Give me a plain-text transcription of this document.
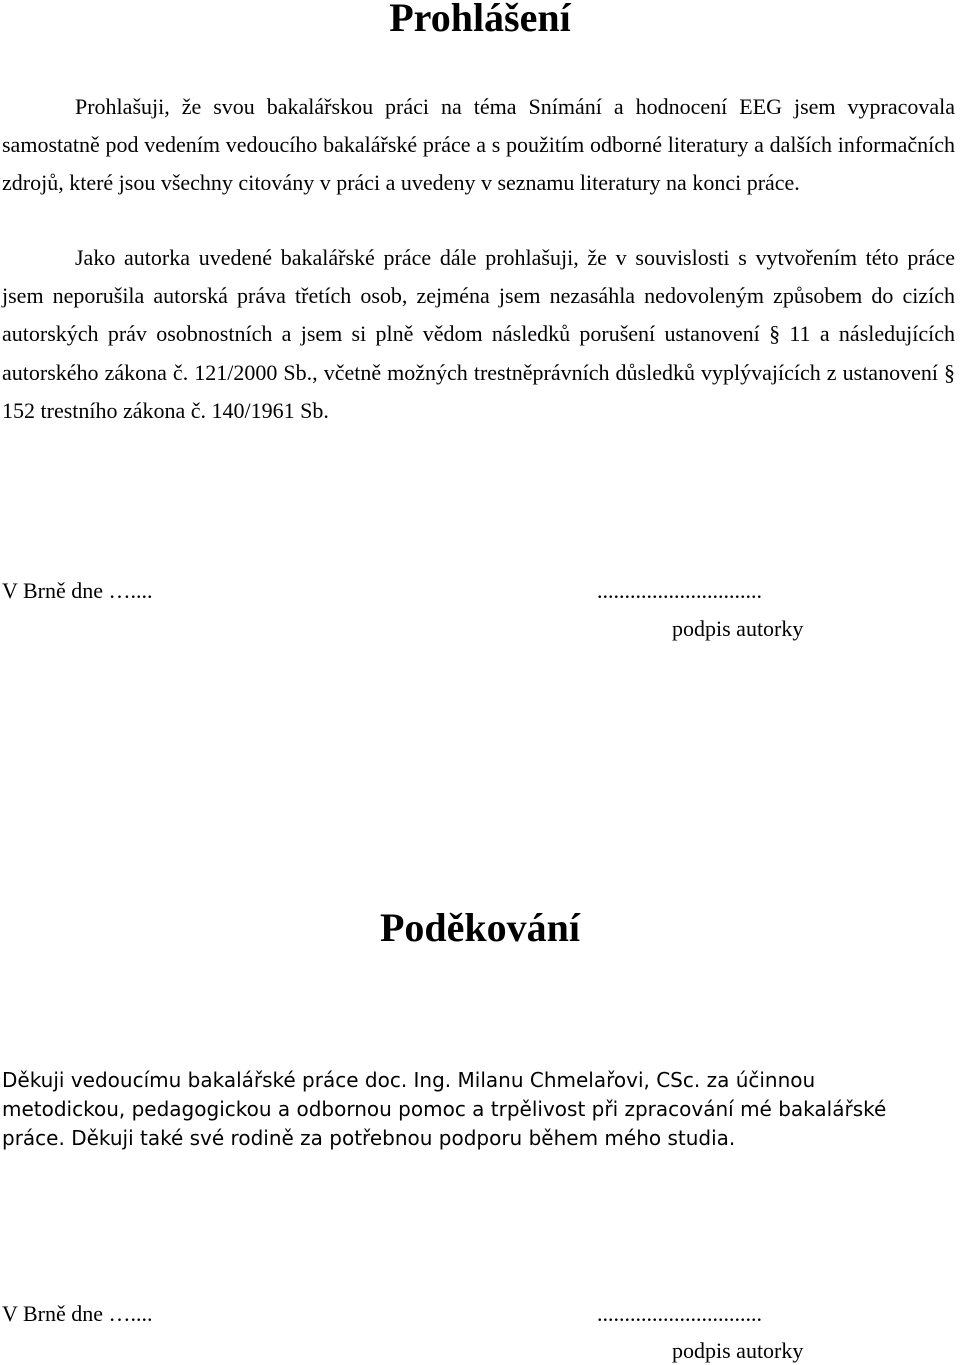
Prohlášení

Prohlašuji, že svou bakalářskou práci na téma Snímání a hodnocení EEG jsem vypracovala samostatně pod vedením vedoucího bakalářské práce a s použitím odborné literatury a dalších informačních zdrojů, které jsou všechny citovány v práci a uvedeny v seznamu literatury na konci práce.

Jako autorka uvedené bakalářské práce dále prohlašuji, že v souvislosti s vytvořením této práce jsem neporušila autorská práva třetích osob, zejména jsem nezasáhla nedovoleným způsobem do cizích autorských práv osobnostních a jsem si plně vědom následků porušení ustanovení § 11 a následujících autorského zákona č. 121/2000 Sb., včetně možných trestněprávních důsledků vyplývajících z ustanovení § 152 trestního zákona č. 140/1961 Sb.

V Brně dne …....	..............................

podpis autorky

Poděkování

Děkuji vedoucímu bakalářské práce doc. Ing. Milanu Chmelařovi, CSc. za účinnou metodickou, pedagogickou a odbornou pomoc a trpělivost při zpracování mé bakalářské práce. Děkuji také své rodině za potřebnou podporu během mého studia.

V Brně dne …....	..............................

podpis autorky
